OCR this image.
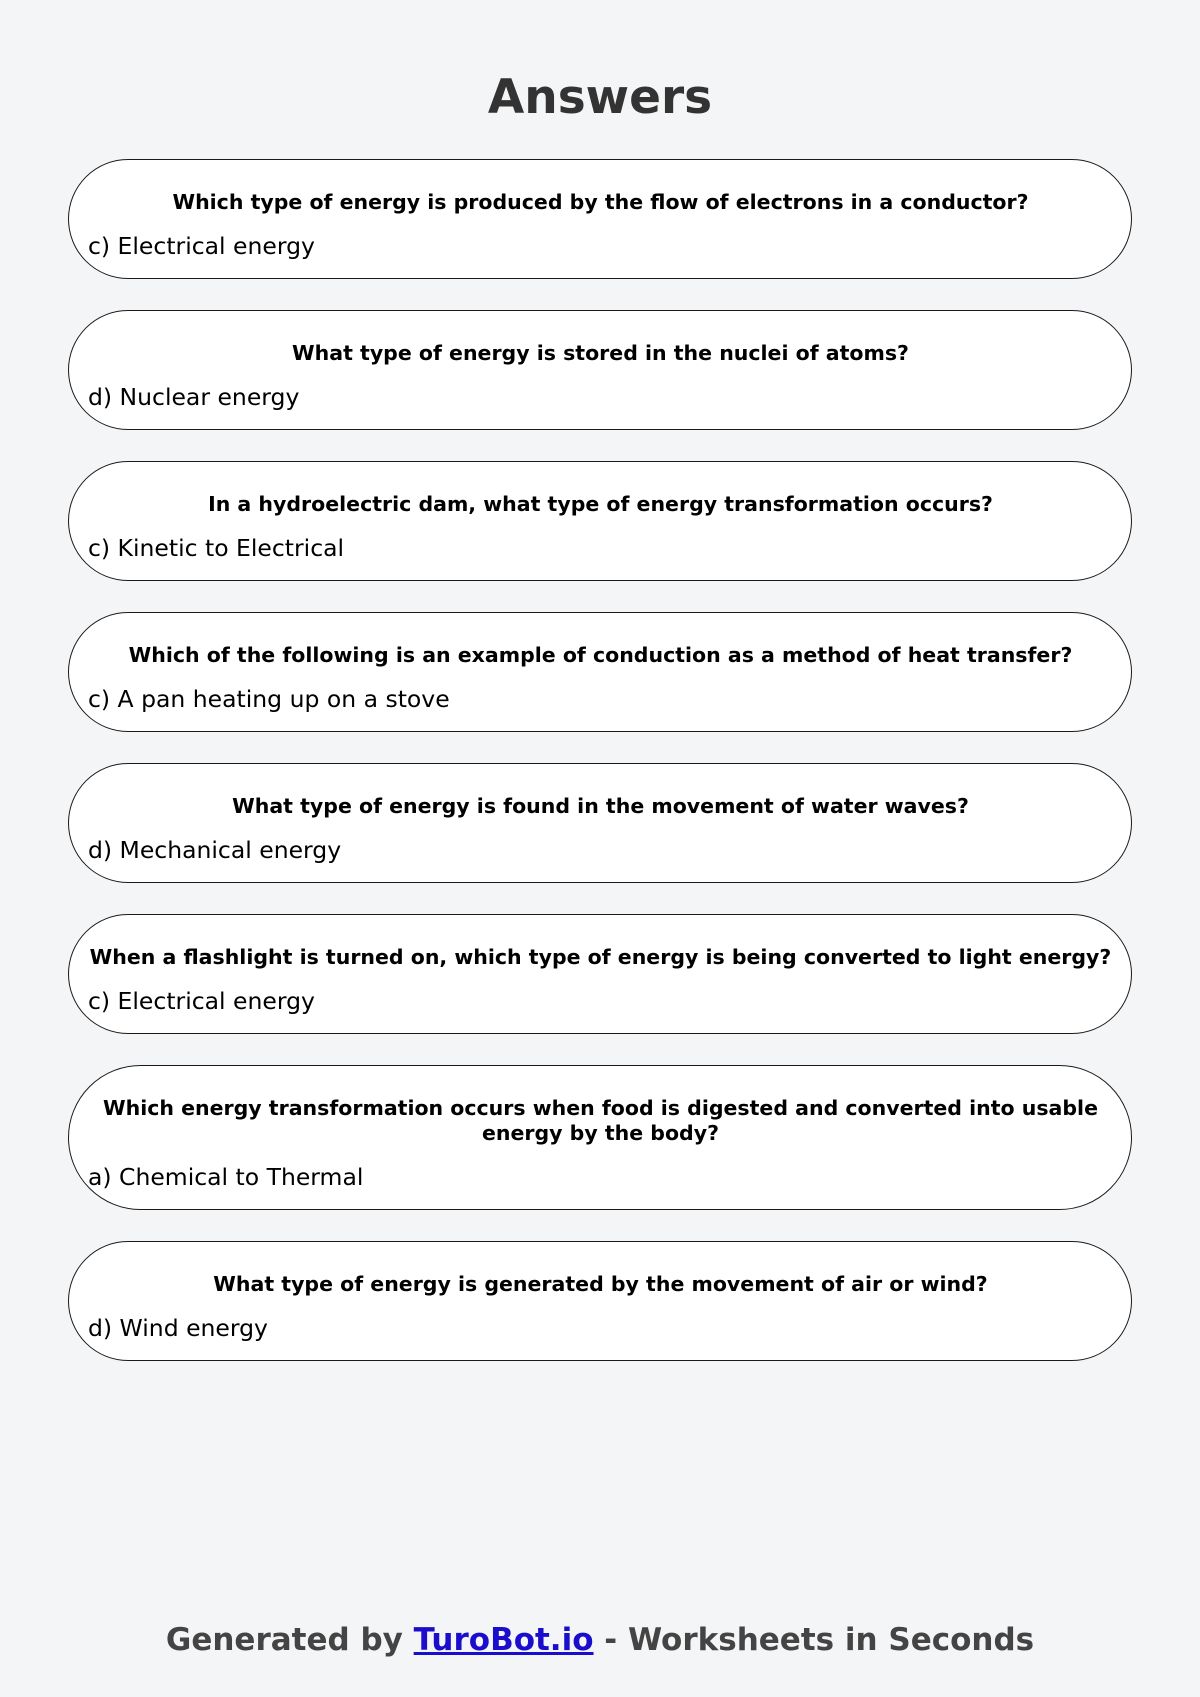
Answers

Which type of energy is produced by the flow of electrons in a conductor?

c) Electrical energy

What type of energy is stored in the nuclei of atoms?

d) Nuclear energy

In a hydroelectric dam, what type of energy transformation occurs?

c) Kinetic to Electrical

Which of the following is an example of conduction as a method of heat transfer?

c) A pan heating up on a stove

What type of energy is found in the movement of water waves?

d) Mechanical energy

When a flashlight is turned on, which type of energy is being converted to light energy?

c) Electrical energy

Which energy transformation occurs when food is digested and converted into usable energy by the body?

a) Chemical to Thermal

What type of energy is generated by the movement of air or wind?

d) Wind energy

Generated by TuroBot.io - Worksheets in Seconds
